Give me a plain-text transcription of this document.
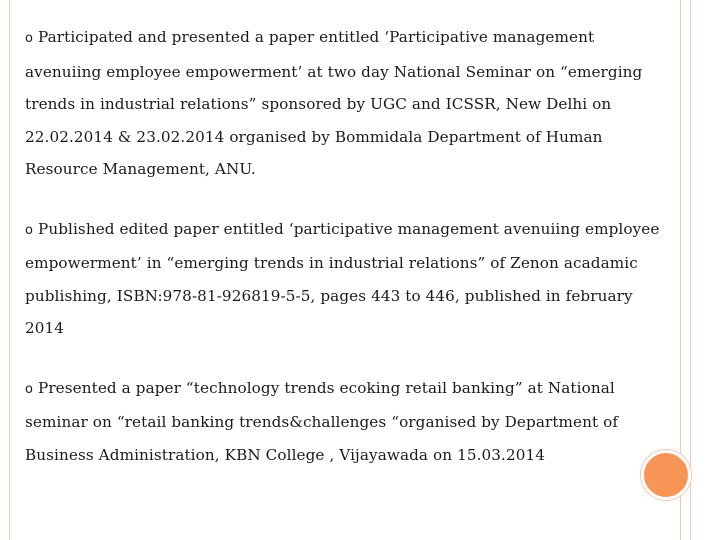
o Participated and presented a paper entitled ‘Participative management avenuiing employee empowerment’ at two day National Seminar on “emerging trends in industrial relations” sponsored by UGC and ICSSR, New Delhi on 22.02.2014 & 23.02.2014 organised by Bommidala Department of Human Resource Management, ANU.

o Published edited paper entitled ‘participative management avenuiing employee empowerment’ in “emerging trends in industrial relations” of Zenon acadamic publishing, ISBN:978-81-926819-5-5, pages 443 to 446, published in february 2014

o Presented a paper “technology trends ecoking retail banking” at National seminar on “retail banking trends&challenges “organised by Department of Business Administration, KBN College , Vijayawada on 15.03.2014
